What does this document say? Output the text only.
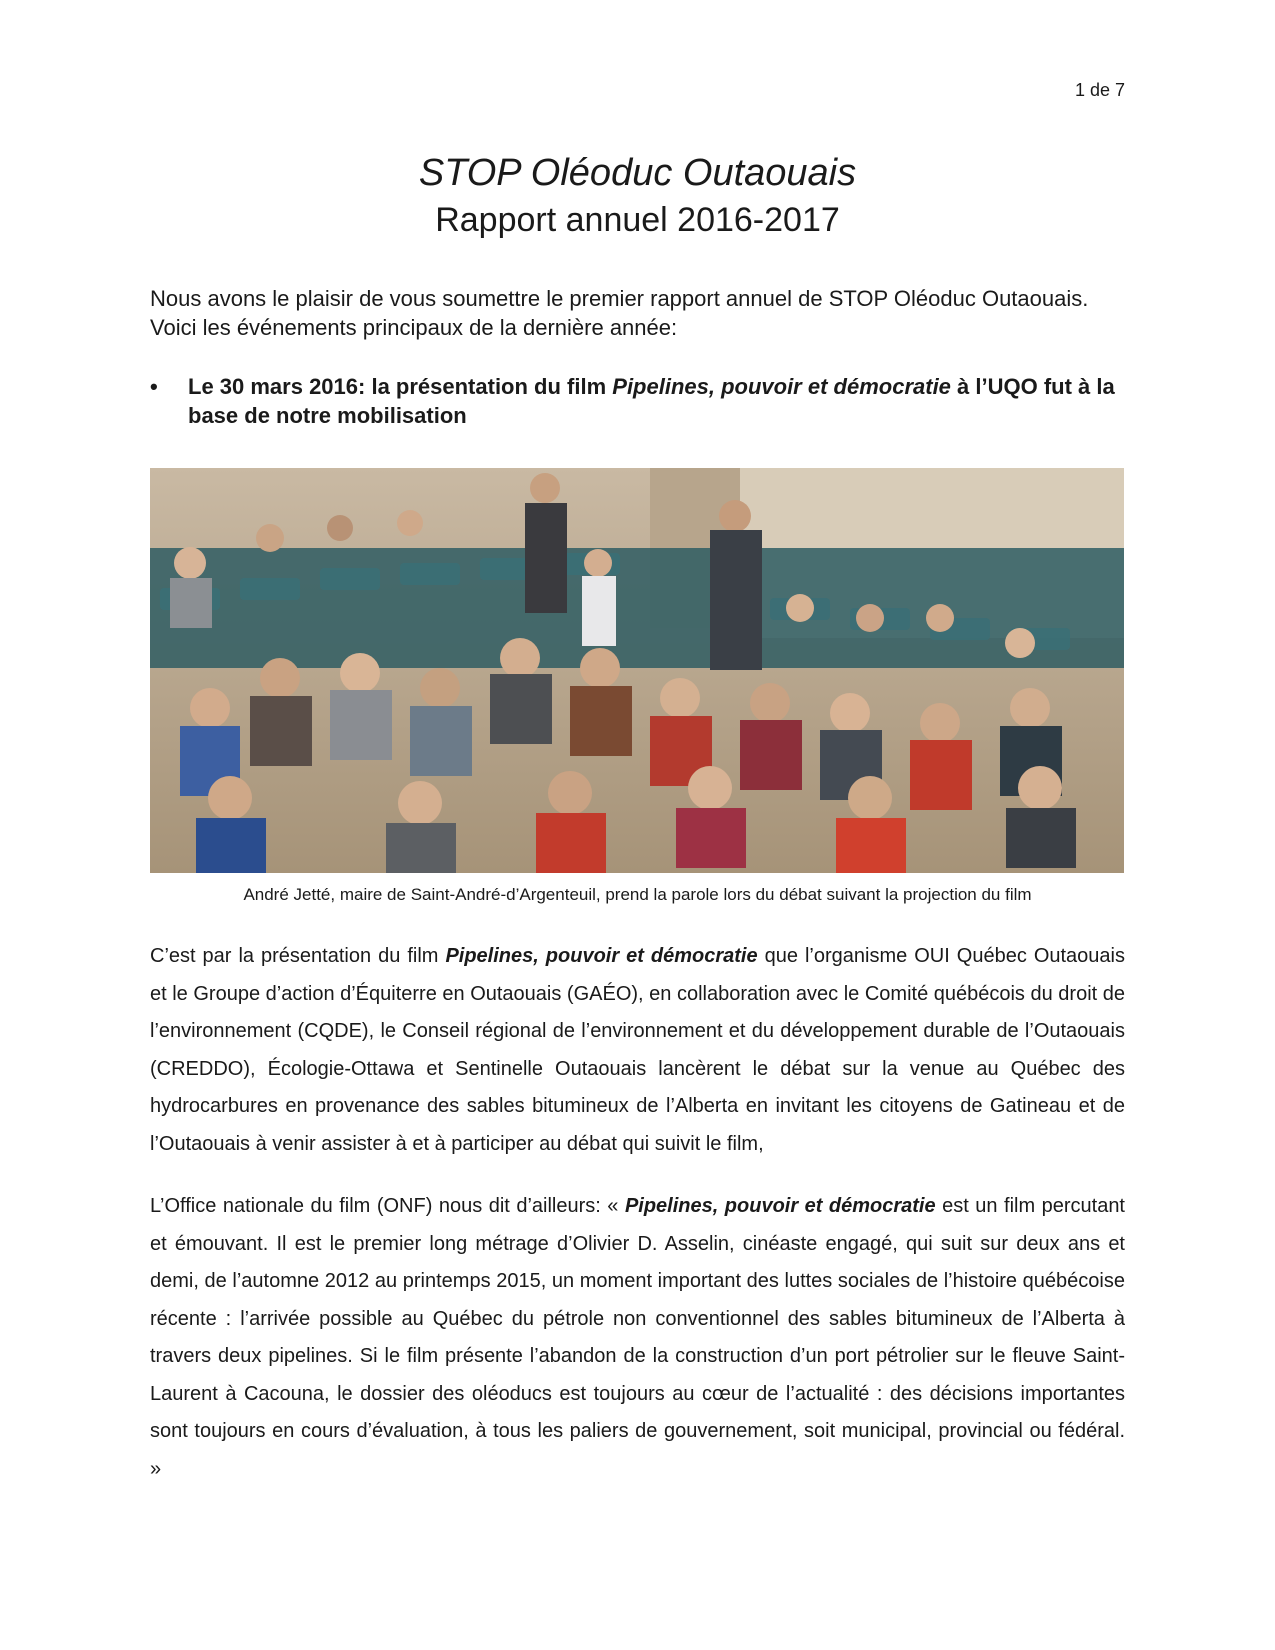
1 de 7
STOP Oléoduc Outaouais
Rapport annuel 2016-2017
Nous avons le plaisir de vous soumettre le premier rapport annuel de STOP Oléoduc Outaouais.
Voici les événements principaux de la dernière année:
• Le 30 mars 2016: la présentation du film Pipelines, pouvoir et démocratie à l’UQO fut à la base de notre mobilisation
André Jetté, maire de Saint-André-d’Argenteuil, prend la parole lors du débat suivant la projection du film
C’est par la présentation du film Pipelines, pouvoir et démocratie que l’organisme OUI Québec Outaouais et le Groupe d’action d’Équiterre en Outaouais (GAÉO), en collaboration avec le Comité québécois du droit de l’environnement (CQDE), le Conseil régional de l’environnement et du développement durable de l’Outaouais (CREDDO), Écologie-Ottawa et Sentinelle Outaouais lancèrent le débat sur la venue au Québec des hydrocarbures en provenance des sables bitumineux de l’Alberta en invitant les citoyens de Gatineau et de l’Outaouais à venir assister à et à participer au débat qui suivit le film,
L’Office nationale du film (ONF) nous dit d’ailleurs: « Pipelines, pouvoir et démocratie est un film percutant et émouvant. Il est le premier long métrage d’Olivier D. Asselin, cinéaste engagé, qui suit sur deux ans et demi, de l’automne 2012 au printemps 2015, un moment important des luttes sociales de l’histoire québécoise récente : l’arrivée possible au Québec du pétrole non conventionnel des sables bitumineux de l’Alberta à travers deux pipelines. Si le film présente l’abandon de la construction d’un port pétrolier sur le fleuve Saint-Laurent à Cacouna, le dossier des oléoducs est toujours au cœur de l’actualité : des décisions importantes sont toujours en cours d’évaluation, à tous les paliers de gouvernement, soit municipal, provincial ou fédéral. »
